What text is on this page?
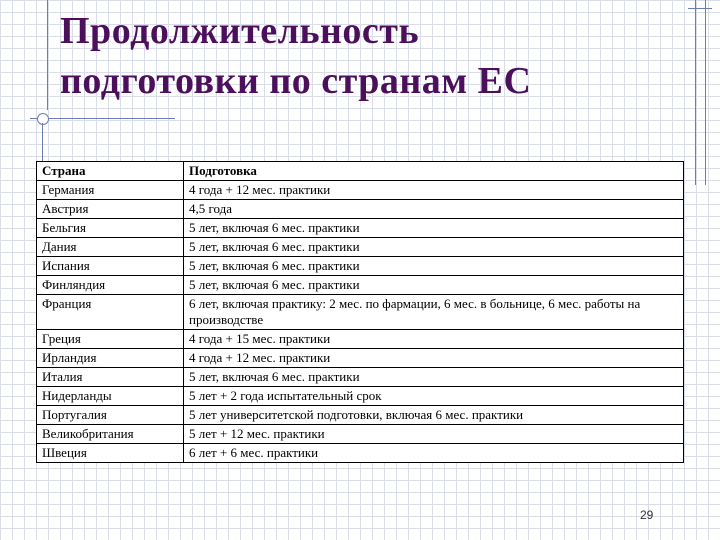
Продолжительность
подготовки по странам ЕС
Страна	Подготовка
Германия	4 года + 12 мес. практики
Австрия	4,5 года
Бельгия	5 лет, включая 6 мес. практики
Дания	5 лет, включая 6 мес. практики
Испания	5 лет, включая 6 мес. практики
Финляндия	5 лет, включая 6 мес. практики
Франция	6 лет, включая практику: 2 мес. по фармации, 6 мес. в больнице, 6 мес. работы на производстве
Греция	4 года + 15 мес. практики
Ирландия	4 года + 12 мес. практики
Италия	5 лет, включая 6 мес. практики
Нидерланды	5 лет + 2 года испытательный срок
Португалия	5 лет университетской подготовки, включая 6 мес. практики
Великобритания	5 лет + 12 мес. практики
Швеция	6 лет + 6 мес. практики
29
